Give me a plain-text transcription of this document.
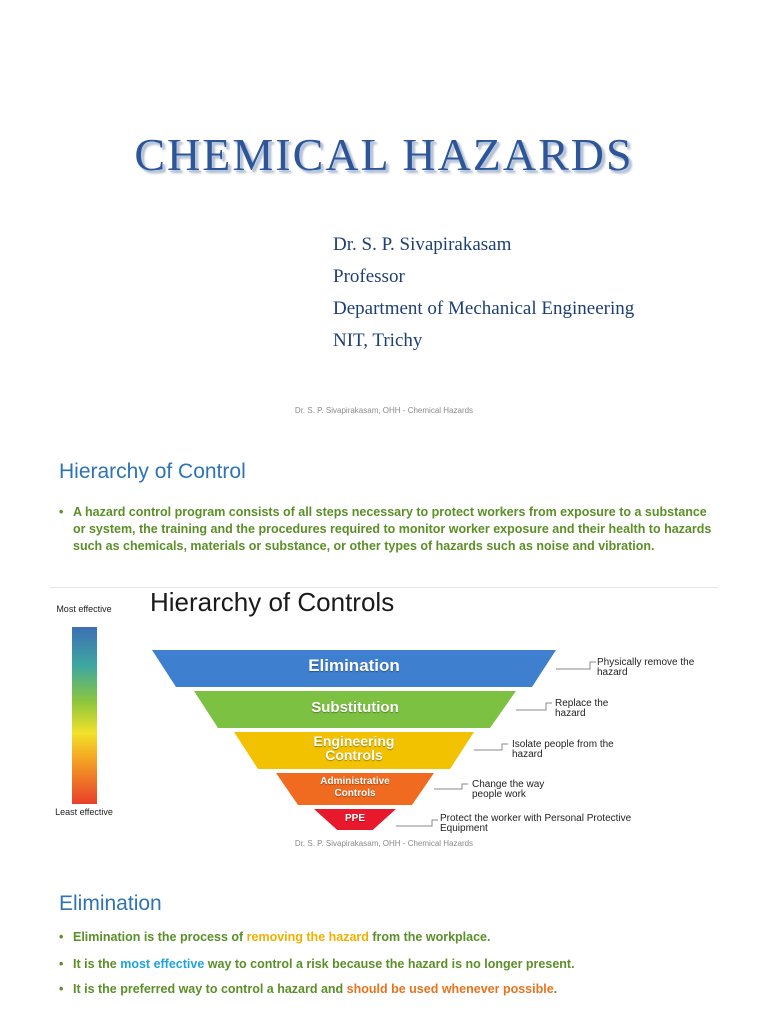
CHEMICAL HAZARDS
Dr. S. P. Sivapirakasam
Professor
Department of Mechanical Engineering
NIT, Trichy
Dr. S. P. Sivapirakasam, OHH - Chemical Hazards
Hierarchy of Control
• A hazard control program consists of all steps necessary to protect workers from exposure to a substance or system, the training and the procedures required to monitor worker exposure and their health to hazards such as chemicals, materials or substance, or other types of hazards such as noise and vibration.
Hierarchy of Controls
Most effective
Least effective
Elimination
Substitution
Engineering Controls
Administrative Controls
PPE
Physically remove the hazard
Replace the hazard
Isolate people from the hazard
Change the way people work
Protect the worker with Personal Protective Equipment
Dr. S. P. Sivapirakasam, OHH - Chemical Hazards
Elimination
• Elimination is the process of removing the hazard from the workplace.
• It is the most effective way to control a risk because the hazard is no longer present.
• It is the preferred way to control a hazard and should be used whenever possible.
